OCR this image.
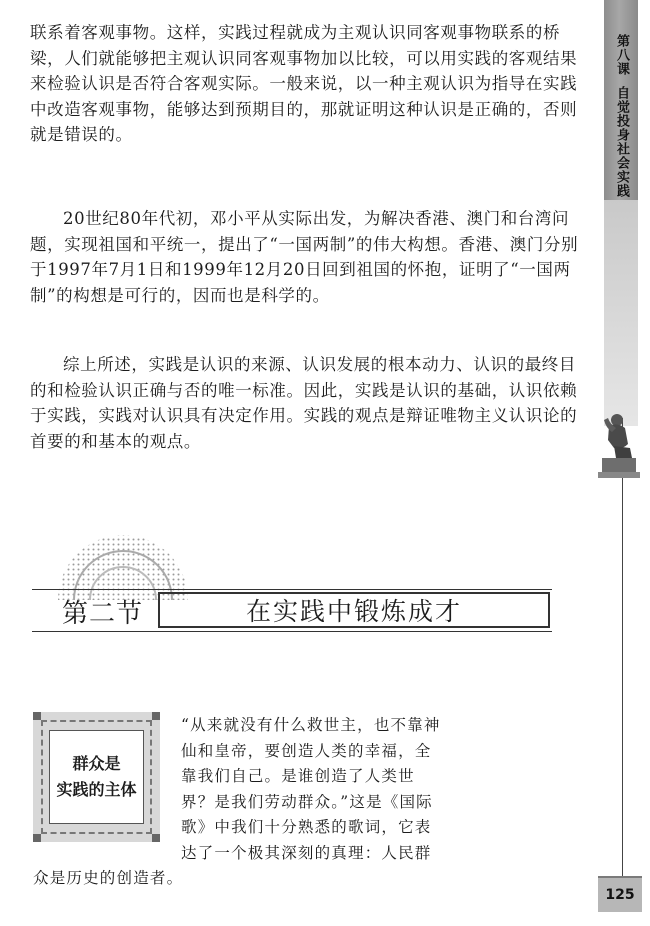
第八课
自觉投身社会实践

联系着客观事物。这样，实践过程就成为主观认识同客观事物联系的桥梁，人们就能够把主观认识同客观事物加以比较，可以用实践的客观结果来检验认识是否符合客观实际。一般来说，以一种主观认识为指导在实践中改造客观事物，能够达到预期目的，那就证明这种认识是正确的，否则就是错误的。

20世纪80年代初，邓小平从实际出发，为解决香港、澳门和台湾问题，实现祖国和平统一，提出了“一国两制”的伟大构想。香港、澳门分别于1997年7月1日和1999年12月20日回到祖国的怀抱，证明了“一国两制”的构想是可行的，因而也是科学的。

综上所述，实践是认识的来源、认识发展的根本动力、认识的最终目的和检验认识正确与否的唯一标准。因此，实践是认识的基础，认识依赖于实践，实践对认识具有决定作用。实践的观点是辩证唯物主义认识论的首要的和基本的观点。

第二节	在实践中锻炼成才
群众是
实践的主体

“从来就没有什么救世主，也不靠神仙和皇帝，要创造人类的幸福，全靠我们自己。是谁创造了人类世界？是我们劳动群众。”这是《国际歌》中我们十分熟悉的歌词，它表达了一个极其深刻的真理：人民群众是历史的创造者。

125
